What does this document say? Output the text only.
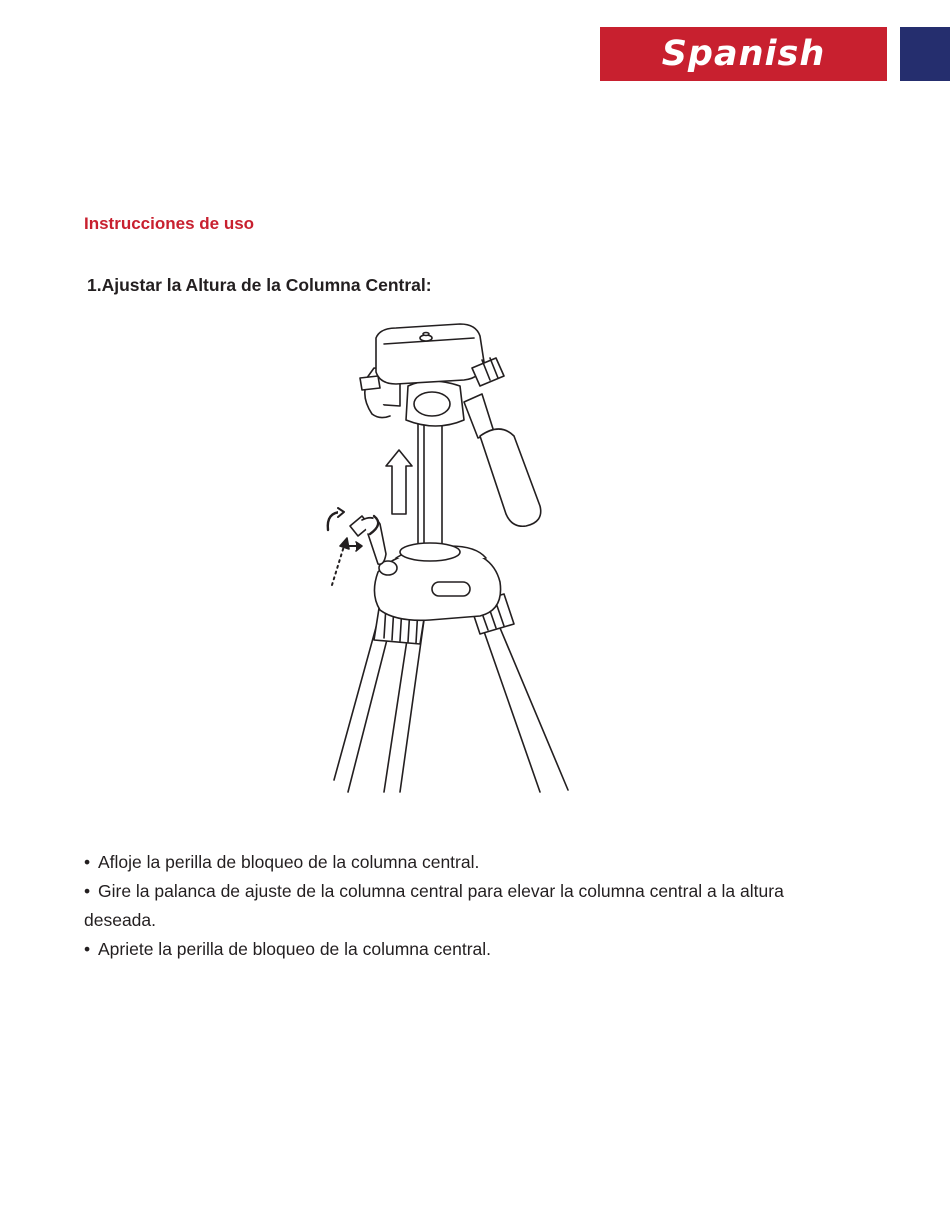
Spanish
Instrucciones de uso
1.Ajustar la Altura de la Columna Central:
• Afloje la perilla de bloqueo de la columna central.
• Gire la palanca de ajuste de la columna central para elevar la columna central a la altura deseada.
• Apriete la perilla de bloqueo de la columna central.
